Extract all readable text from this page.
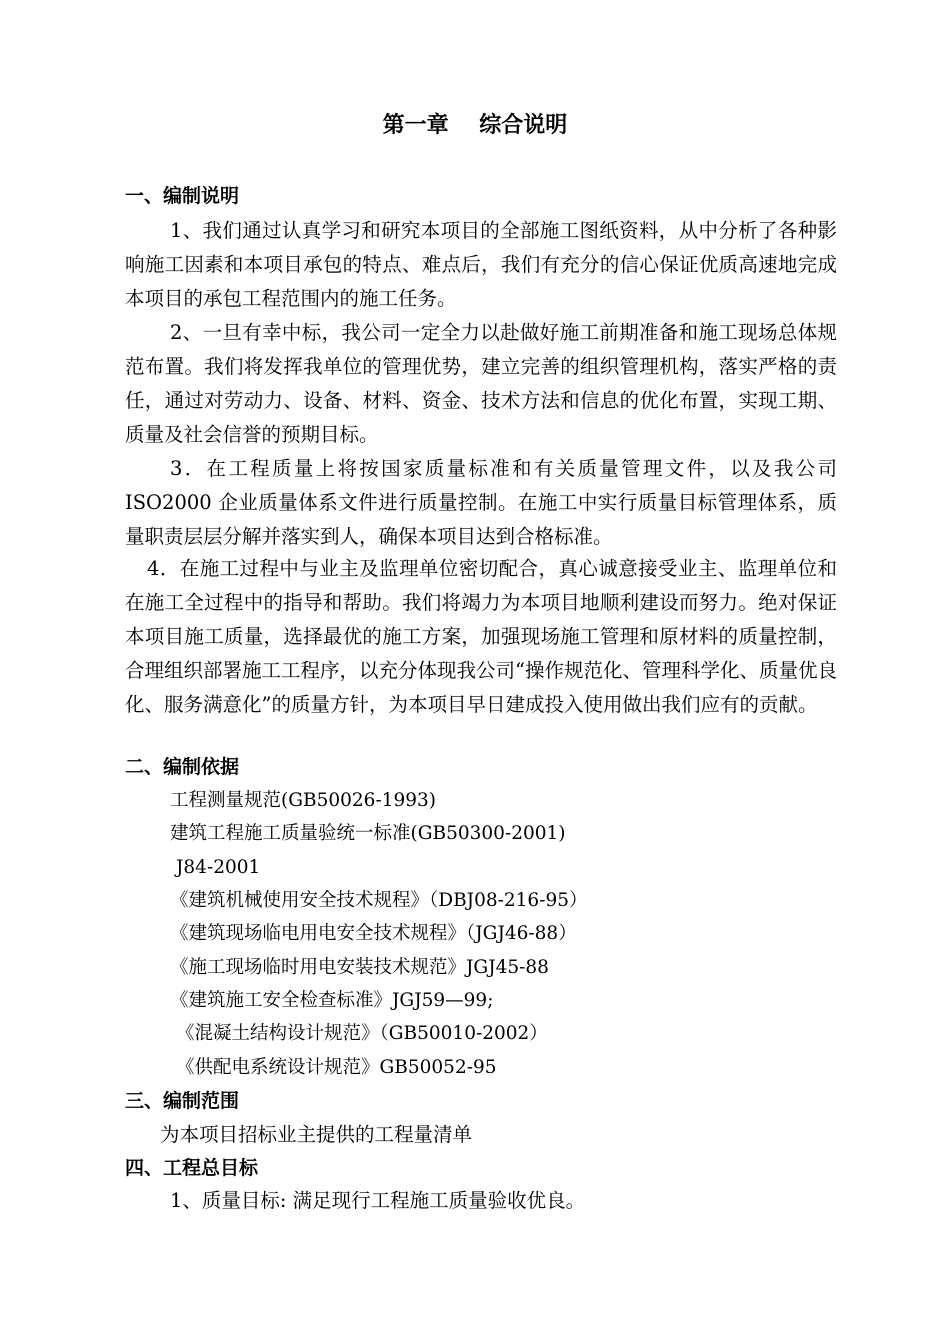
第一章    综合说明
一、编制说明
1、我们通过认真学习和研究本项目的全部施工图纸资料，从中分析了各种影响施工因素和本项目承包的特点、难点后，我们有充分的信心保证优质高速地完成本项目的承包工程范围内的施工任务。
2、一旦有幸中标，我公司一定全力以赴做好施工前期准备和施工现场总体规范布置。我们将发挥我单位的管理优势，建立完善的组织管理机构，落实严格的责任，通过对劳动力、设备、材料、资金、技术方法和信息的优化布置，实现工期、质量及社会信誉的预期目标。
3．在工程质量上将按国家质量标准和有关质量管理文件，以及我公司 ISO2000 企业质量体系文件进行质量控制。在施工中实行质量目标管理体系，质量职责层层分解并落实到人，确保本项目达到合格标准。
4．在施工过程中与业主及监理单位密切配合，真心诚意接受业主、监理单位和在施工全过程中的指导和帮助。我们将竭力为本项目地顺利建设而努力。绝对保证本项目施工质量，选择最优的施工方案，加强现场施工管理和原材料的质量控制，合理组织部署施工工程序，以充分体现我公司“操作规范化、管理科学化、质量优良化、服务满意化”的质量方针，为本项目早日建成投入使用做出我们应有的贡献。
二、编制依据
工程测量规范(GB50026-1993)
建筑工程施工质量验统一标准(GB50300-2001)
J84-2001
《建筑机械使用安全技术规程》（DBJ08-216-95）
《建筑现场临电用电安全技术规程》（JGJ46-88）
《施工现场临时用电安装技术规范》JGJ45-88
《建筑施工安全检查标准》JGJ59—99;
《混凝土结构设计规范》（GB50010-2002）
《供配电系统设计规范》GB50052-95
三、编制范围
为本项目招标业主提供的工程量清单
四、工程总目标
1、质量目标: 满足现行工程施工质量验收优良。
